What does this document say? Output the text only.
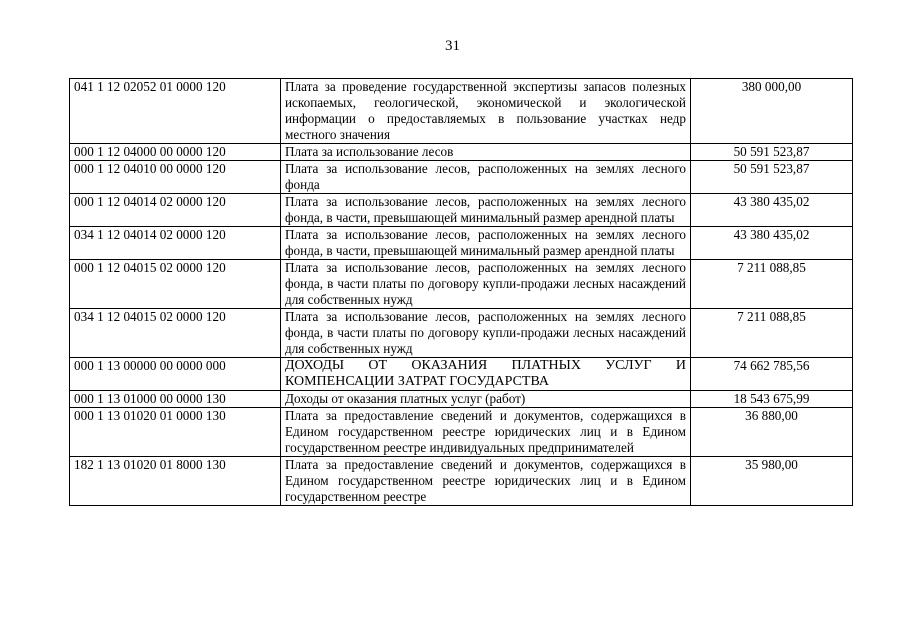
31
041 1 12 02052 01 0000 120	Плата за проведение государственной экспертизы запасов полезных ископаемых, геологической, экономической и экологической информации о предоставляемых в пользование участках недр местного значения	380 000,00
000 1 12 04000 00 0000 120	Плата за использование лесов	50 591 523,87
000 1 12 04010 00 0000 120	Плата за использование лесов, расположенных на землях лесного фонда	50 591 523,87
000 1 12 04014 02 0000 120	Плата за использование лесов, расположенных на землях лесного фонда, в части, превышающей минимальный размер арендной платы	43 380 435,02
034 1 12 04014 02 0000 120	Плата за использование лесов, расположенных на землях лесного фонда, в части, превышающей минимальный размер арендной платы	43 380 435,02
000 1 12 04015 02 0000 120	Плата за использование лесов, расположенных на землях лесного фонда, в части платы по договору купли-продажи лесных насаждений для собственных нужд	7 211 088,85
034 1 12 04015 02 0000 120	Плата за использование лесов, расположенных на землях лесного фонда, в части платы по договору купли-продажи лесных насаждений для собственных нужд	7 211 088,85
000 1 13 00000 00 0000 000	ДОХОДЫ ОТ ОКАЗАНИЯ ПЛАТНЫХ УСЛУГ И КОМПЕНСАЦИИ ЗАТРАТ ГОСУДАРСТВА	74 662 785,56
000 1 13 01000 00 0000 130	Доходы от оказания платных услуг (работ)	18 543 675,99
000 1 13 01020 01 0000 130	Плата за предоставление сведений и документов, содержащихся в Едином государственном реестре юридических лиц и в Едином государственном реестре индивидуальных предпринимателей	36 880,00
182 1 13 01020 01 8000 130	Плата за предоставление сведений и документов, содержащихся в Едином государственном реестре юридических лиц и в Едином государственном реестре	35 980,00
